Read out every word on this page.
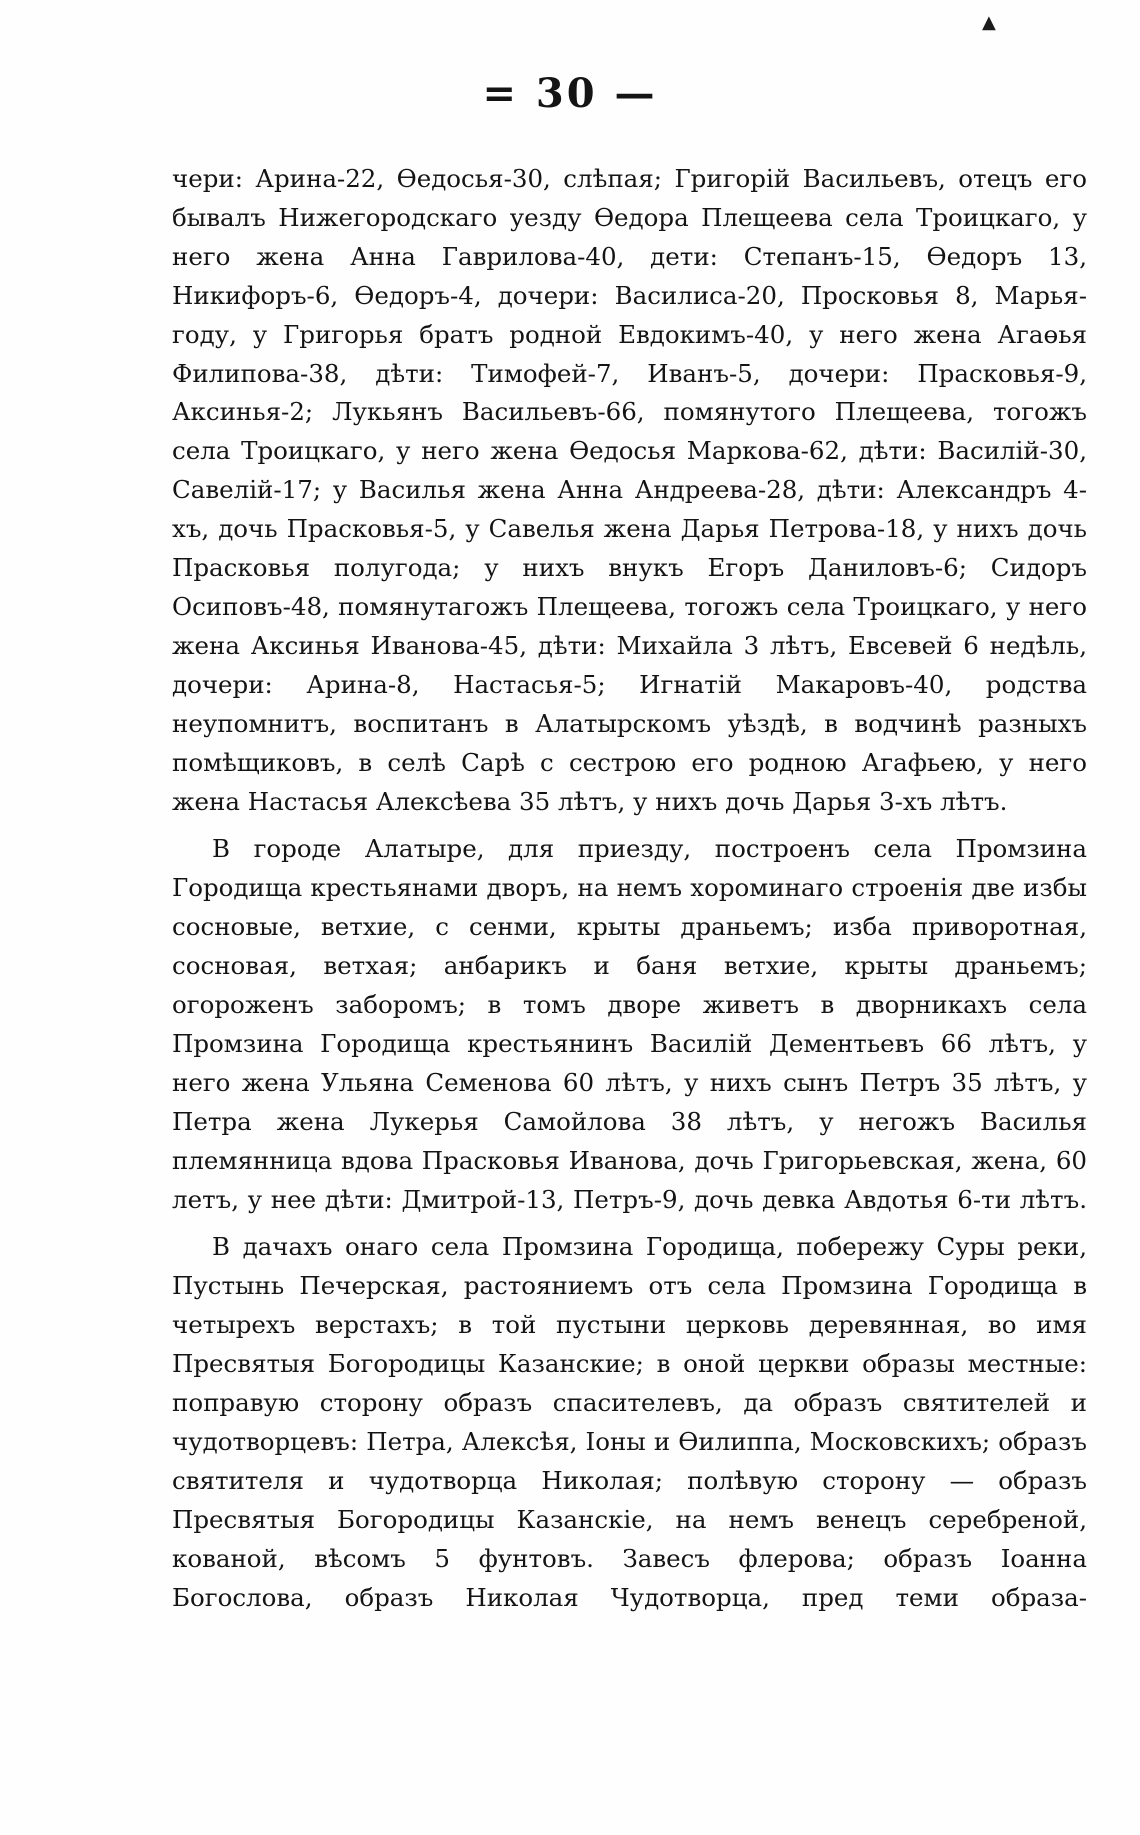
▲
= 30 —

чери: Арина-22, Өедосья-30, слѣпая; Григорій Васильевъ, отецъ его бывалъ Нижегородскаго уезду Өедора Плещеева села Троицкаго, у него жена Анна Гаврилова-40, дети: Степанъ-15, Өедоръ 13, Никифоръ-6, Өедоръ-4, дочери: Василиса-20, Просковья 8, Марья-году, у Григорья братъ родной Евдокимъ-40, у него жена Агаөья Филипова-38, дѣти: Тимофей-7, Иванъ-5, дочери: Прасковья-9, Аксинья-2; Лукьянъ Васильевъ-66, помянутого Плещеева, тогожъ села Троицкаго, у него жена Өедосья Маркова-62, дѣти: Василій-30, Савелій-17; у Василья жена Анна Андреева-28, дѣти: Александръ 4-хъ, дочь Прасковья-5, у Савелья жена Дарья Петрова-18, у нихъ дочь Прасковья полугода; у нихъ внукъ Егоръ Даниловъ-6; Сидоръ Осиповъ-48, помянутагожъ Плещеева, тогожъ села Троицкаго, у него жена Аксинья Иванова-45, дѣти: Михайла 3 лѣтъ, Евсевей 6 недѣль, дочери: Арина-8, Настасья-5; Игнатій Макаровъ-40, родства неупомнитъ, воспитанъ в Алатырскомъ уѣздѣ, в водчинѣ разныхъ помѣщиковъ, в селѣ Сарѣ с сестрою его родною Агафьею, у него жена Настасья Алексѣева 35 лѣтъ, у нихъ дочь Дарья 3-хъ лѣтъ.

В городе Алатыре, для приезду, построенъ села Промзина Городища крестьянами дворъ, на немъ хороминаго строенія две избы сосновые, ветхие, с сенми, крыты драньемъ; изба приворотная, сосновая, ветхая; анбарикъ и баня ветхие, крыты драньемъ; огороженъ заборомъ; в томъ дворе живетъ в дворникахъ села Промзина Городища крестьянинъ Василій Дементьевъ 66 лѣтъ, у него жена Ульяна Семенова 60 лѣтъ, у нихъ сынъ Петръ 35 лѣтъ, у Петра жена Лукерья Самойлова 38 лѣтъ, у негожъ Василья племянница вдова Прасковья Иванова, дочь Григорьевская, жена, 60 летъ, у нее дѣти: Дмитрой-13, Петръ-9, дочь девка Авдотья 6-ти лѣтъ.

В дачахъ онаго села Промзина Городища, побережу Суры реки, Пустынь Печерская, растояниемъ отъ села Промзина Городища в четырехъ верстахъ; в той пустыни церковь деревянная, во имя Пресвятыя Богородицы Казанские; в оной церкви образы местные: поправую сторону образъ спасителевъ, да образъ святителей и чудотворцевъ: Петра, Алексѣя, Іоны и Өилиппа, Московскихъ; образъ святителя и чудотворца Николая; полѣвую сторону — образъ Пресвятыя Богородицы Казанскіе, на немъ венецъ серебреной, кованой, вѣсомъ 5 фунтовъ. Завесъ флерова; образъ Іоанна Богослова, образъ Николая Чудотворца, пред теми образа-
